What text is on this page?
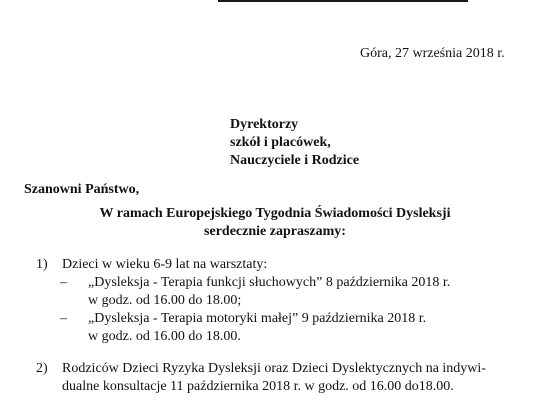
Góra, 27 września 2018 r.
Dyrektorzy
szkół i placówek,
Nauczyciele i Rodzice
Szanowni Państwo,
W ramach Europejskiego Tygodnia Świadomości Dysleksji
serdecznie zapraszamy:
1) Dzieci w wieku 6-9 lat na warsztaty:
– „Dysleksja - Terapia funkcji słuchowych” 8 października 2018 r.
w godz. od 16.00 do 18.00;
– „Dysleksja - Terapia motoryki małej” 9 października 2018 r.
w godz. od 16.00 do 18.00.
2) Rodziców Dzieci Ryzyka Dysleksji oraz Dzieci Dyslektycznych na indywi-
dualne konsultacje 11 października 2018 r. w godz. od 16.00 do18.00.
